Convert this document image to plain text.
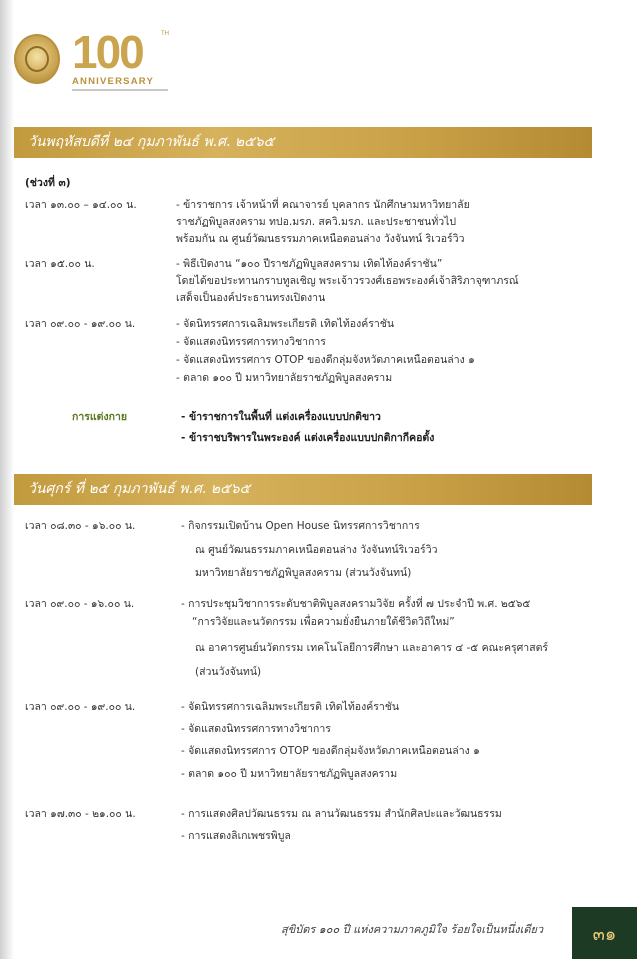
100	TH
ANNIVERSARY
วันพฤหัสบดีที่ ๒๔ กุมภาพันธ์ พ.ศ. ๒๕๖๕
(ช่วงที่ ๓)
เวลา ๑๓.๐๐ – ๑๔.๐๐ น.	- ข้าราชการ เจ้าหน้าที่ คณาจารย์ บุคลากร นักศึกษามหาวิทยาลัย
ราชภัฏพิบูลสงคราม ทปอ.มรภ. สควิ.มรภ. และประชาชนทั่วไป
พร้อมกัน ณ ศูนย์วัฒนธรรมภาคเหนือตอนล่าง วังจันทน์ ริเวอร์วิว
เวลา ๑๕.๐๐ น.	- พิธีเปิดงาน “๑๐๐ ปีราชภัฏพิบูลสงคราม เทิดไท้องค์ราชัน”
โดยได้ขอประทานกราบทูลเชิญ พระเจ้าวรวงศ์เธอพระองค์เจ้าสิริภาจุฑาภรณ์
เสด็จเป็นองค์ประธานทรงเปิดงาน
เวลา ๐๙.๐๐ - ๑๙.๐๐ น.	- จัดนิทรรศการเฉลิมพระเกียรติ เทิดไท้องค์ราชัน
- จัดแสดงนิทรรศการทางวิชาการ
- จัดแสดงนิทรรศการ OTOP ของดีกลุ่มจังหวัดภาคเหนือตอนล่าง ๑
- ตลาด ๑๐๐ ปี มหาวิทยาลัยราชภัฏพิบูลสงคราม
การแต่งกาย	- ข้าราชการในพื้นที่ แต่งเครื่องแบบปกติขาว
- ข้าราชบริพารในพระองค์ แต่งเครื่องแบบปกติกากีคอตั้ง
วันศุกร์ ที่ ๒๕ กุมภาพันธ์ พ.ศ. ๒๕๖๕
เวลา ๐๘.๓๐ - ๑๖.๐๐ น.	- กิจกรรมเปิดบ้าน Open House นิทรรศการวิชาการ
ณ ศูนย์วัฒนธรรมภาคเหนือตอนล่าง วังจันทน์ริเวอร์วิว
มหาวิทยาลัยราชภัฏพิบูลสงคราม (ส่วนวังจันทน์)
เวลา ๐๙.๐๐ - ๑๖.๐๐ น.	- การประชุมวิชาการระดับชาติพิบูลสงครามวิจัย ครั้งที่ ๗ ประจำปี พ.ศ. ๒๕๖๕
“การวิจัยและนวัตกรรม เพื่อความยั่งยืนภายใต้ชีวิตวิถีใหม่”
ณ อาคารศูนย์นวัตกรรม เทคโนโลยีการศึกษา และอาคาร ๔ -๕ คณะครุศาสตร์
(ส่วนวังจันทน์)
เวลา ๐๙.๐๐ - ๑๙.๐๐ น.	- จัดนิทรรศการเฉลิมพระเกียรติ เทิดไท้องค์ราชัน
- จัดแสดงนิทรรศการทางวิชาการ
- จัดแสดงนิทรรศการ OTOP ของดีกลุ่มจังหวัดภาคเหนือตอนล่าง ๑
- ตลาด ๑๐๐ ปี มหาวิทยาลัยราชภัฏพิบูลสงคราม
เวลา ๑๗.๓๐ - ๒๑.๐๐ น.	- การแสดงศิลปวัฒนธรรม ณ ลานวัฒนธรรม สำนักศิลปะและวัฒนธรรม
- การแสดงลิเกเพชรพิบูล
สุขิบัตร ๑๐๐ ปี แห่งความภาคภูมิใจ ร้อยใจเป็นหนึ่งเดียว	๓๑
